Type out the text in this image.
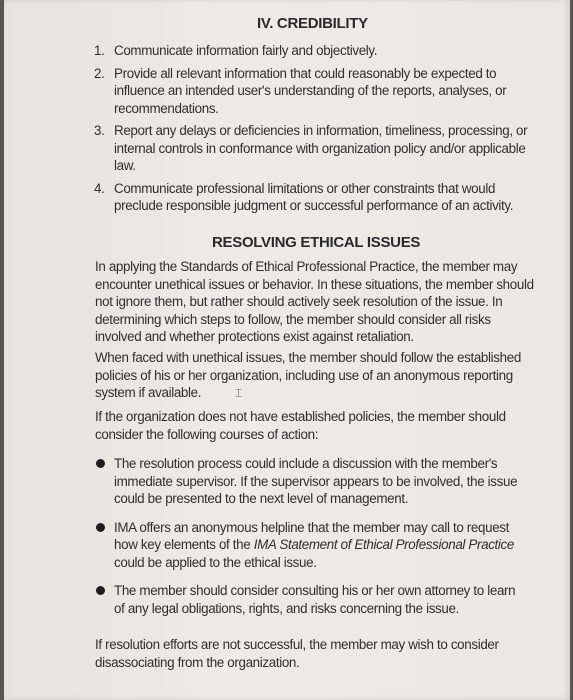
IV. CREDIBILITY
1. Communicate information fairly and objectively.
2. Provide all relevant information that could reasonably be expected to influence an intended user's understanding of the reports, analyses, or recommendations.
3. Report any delays or deficiencies in information, timeliness, processing, or internal controls in conformance with organization policy and/or applicable law.
4. Communicate professional limitations or other constraints that would preclude responsible judgment or successful performance of an activity.
RESOLVING ETHICAL ISSUES

In applying the Standards of Ethical Professional Practice, the member may encounter unethical issues or behavior. In these situations, the member should not ignore them, but rather should actively seek resolution of the issue. In determining which steps to follow, the member should consider all risks involved and whether protections exist against retaliation.

When faced with unethical issues, the member should follow the established policies of his or her organization, including use of an anonymous reporting system if available.	⌶

If the organization does not have established policies, the member should consider the following courses of action:

The resolution process could include a discussion with the member's immediate supervisor. If the supervisor appears to be involved, the issue could be presented to the next level of management.
IMA offers an anonymous helpline that the member may call to request how key elements of the IMA Statement of Ethical Professional Practice could be applied to the ethical issue.
The member should consider consulting his or her own attorney to learn of any legal obligations, rights, and risks concerning the issue.

If resolution efforts are not successful, the member may wish to consider disassociating from the organization.
